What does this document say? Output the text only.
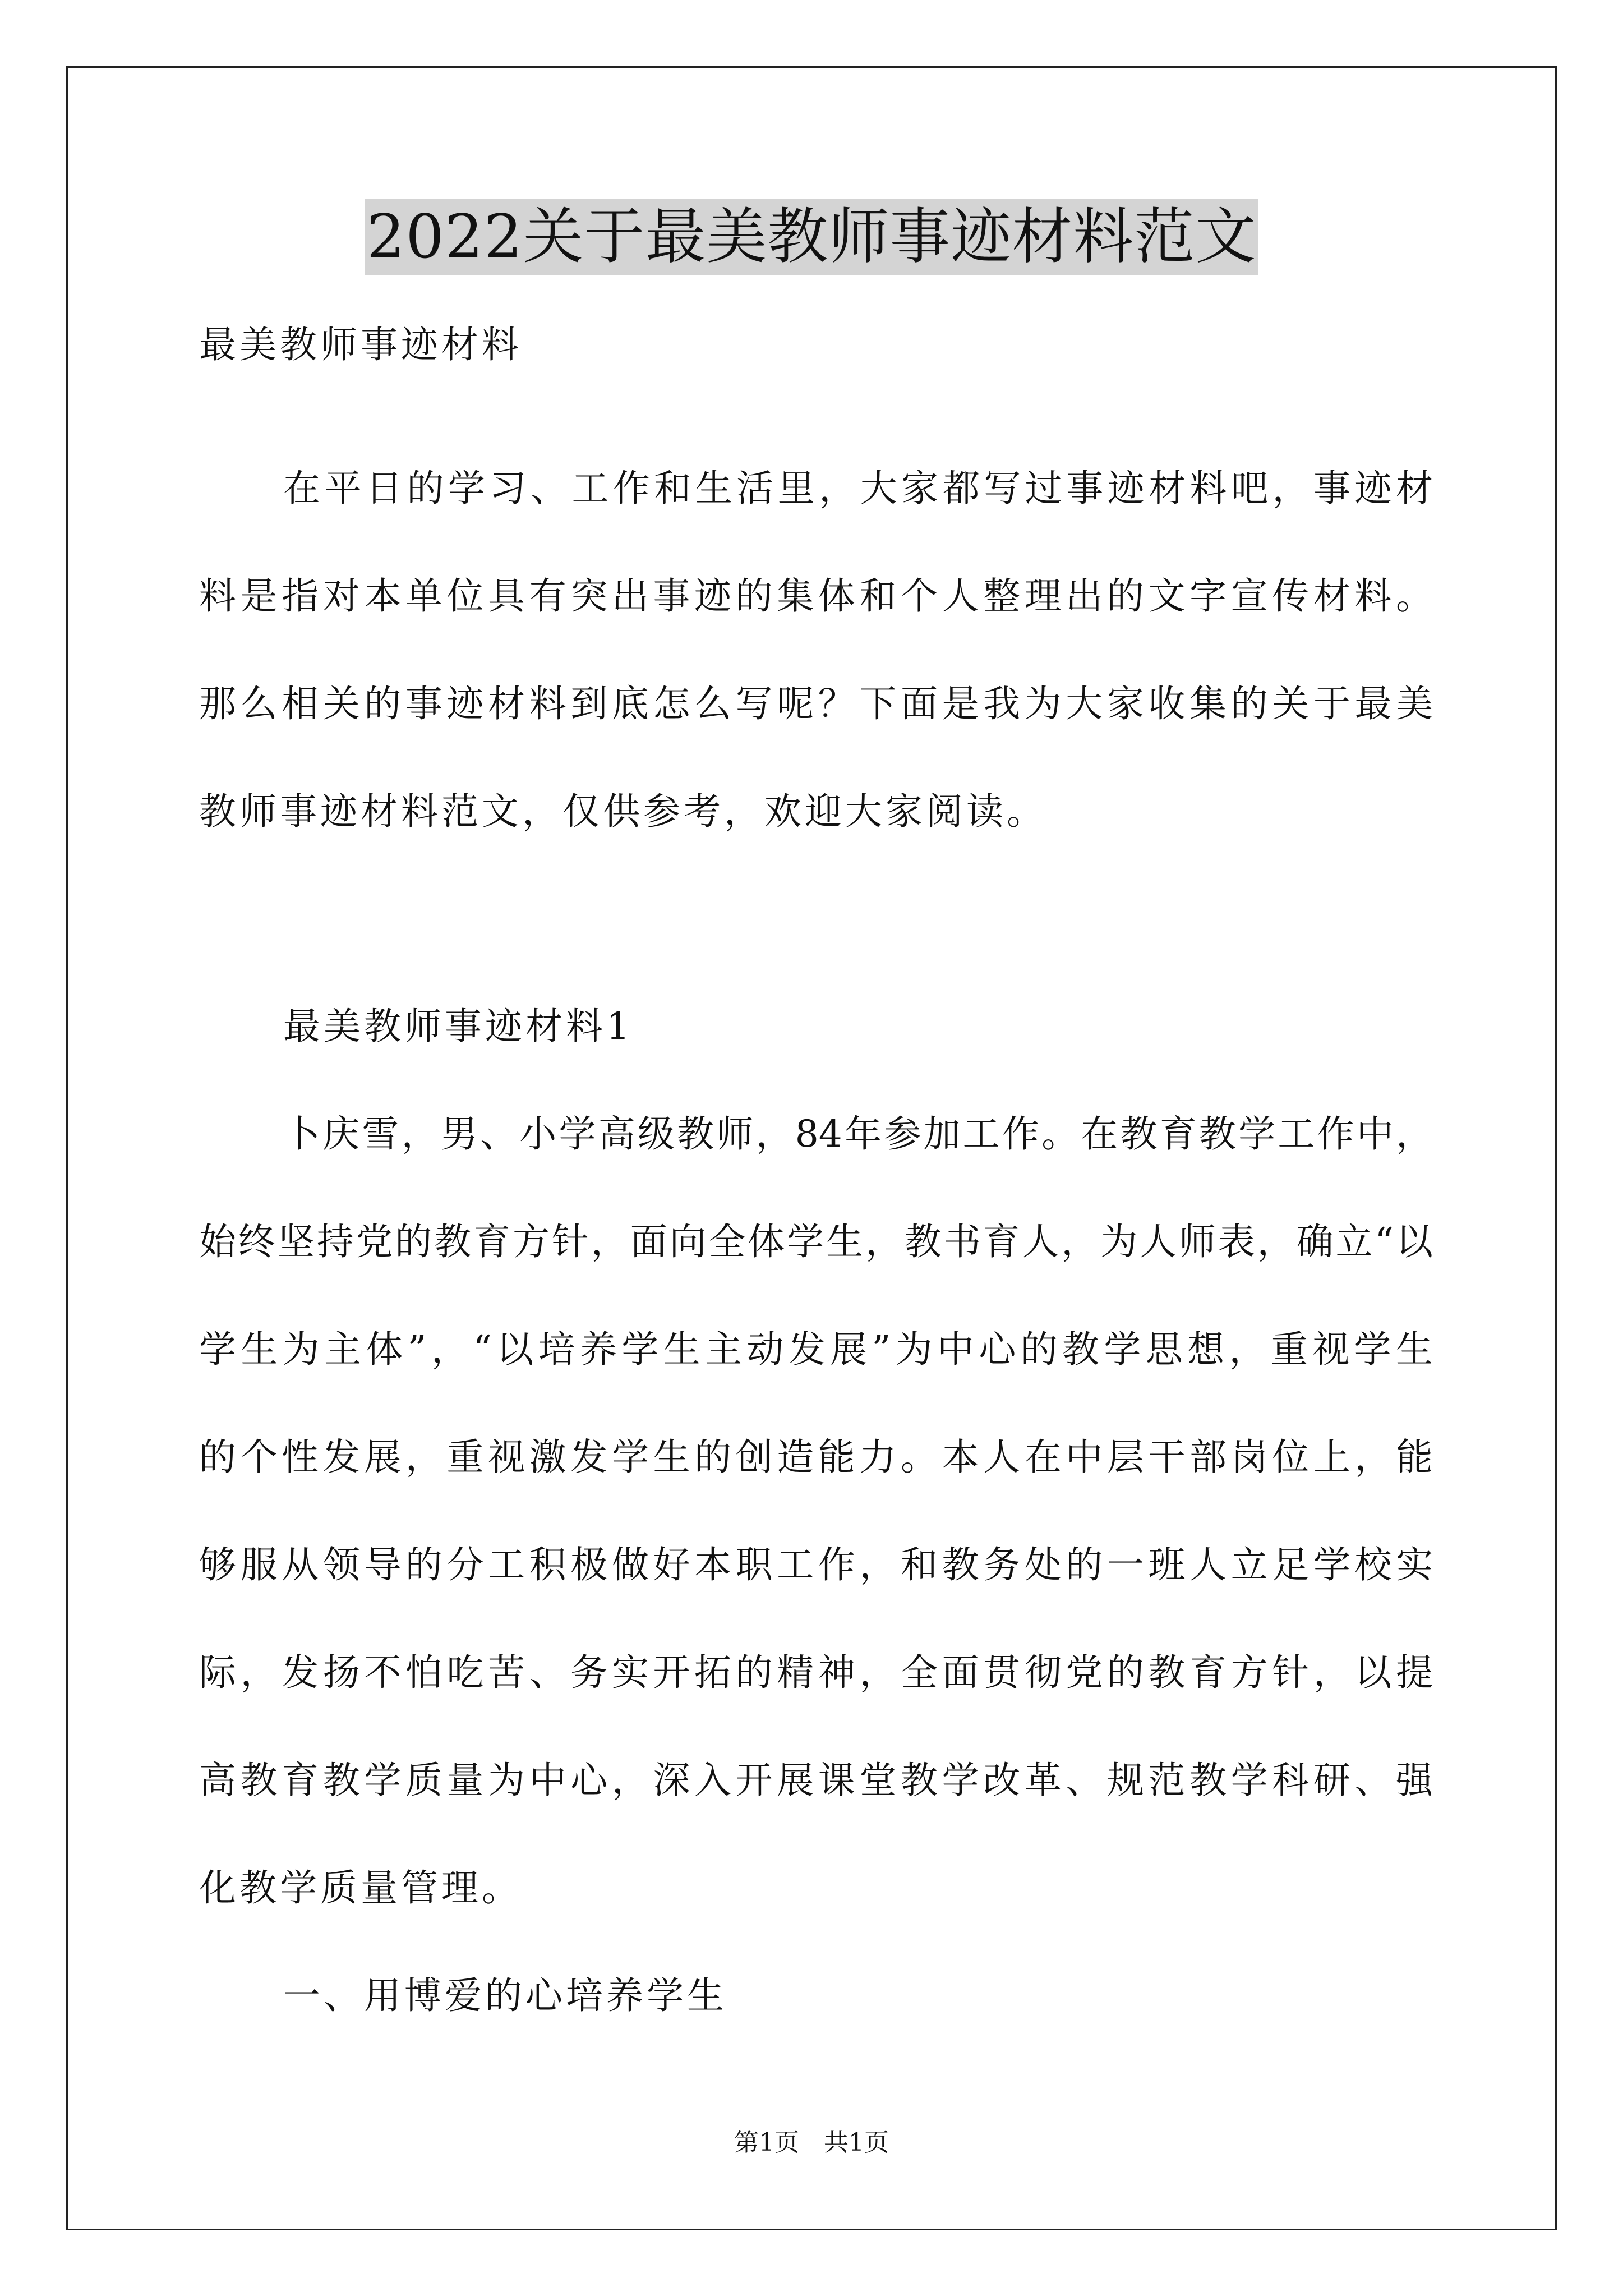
2022关于最美教师事迹材料范文
最美教师事迹材料
在平日的学习、工作和生活里，大家都写过事迹材料吧，事迹材
料是指对本单位具有突出事迹的集体和个人整理出的文字宣传材料。
那么相关的事迹材料到底怎么写呢？下面是我为大家收集的关于最美
教师事迹材料范文，仅供参考，欢迎大家阅读。
最美教师事迹材料1
卜庆雪，男、小学高级教师，84年参加工作。在教育教学工作中，
始终坚持党的教育方针，面向全体学生，教书育人，为人师表，确立“以
学生为主体”，“以培养学生主动发展”为中心的教学思想，重视学生
的个性发展，重视激发学生的创造能力。本人在中层干部岗位上，能
够服从领导的分工积极做好本职工作，和教务处的一班人立足学校实
际，发扬不怕吃苦、务实开拓的精神，全面贯彻党的教育方针，以提
高教育教学质量为中心，深入开展课堂教学改革、规范教学科研、强
化教学质量管理。
一、用博爱的心培养学生
第1页　共1页
